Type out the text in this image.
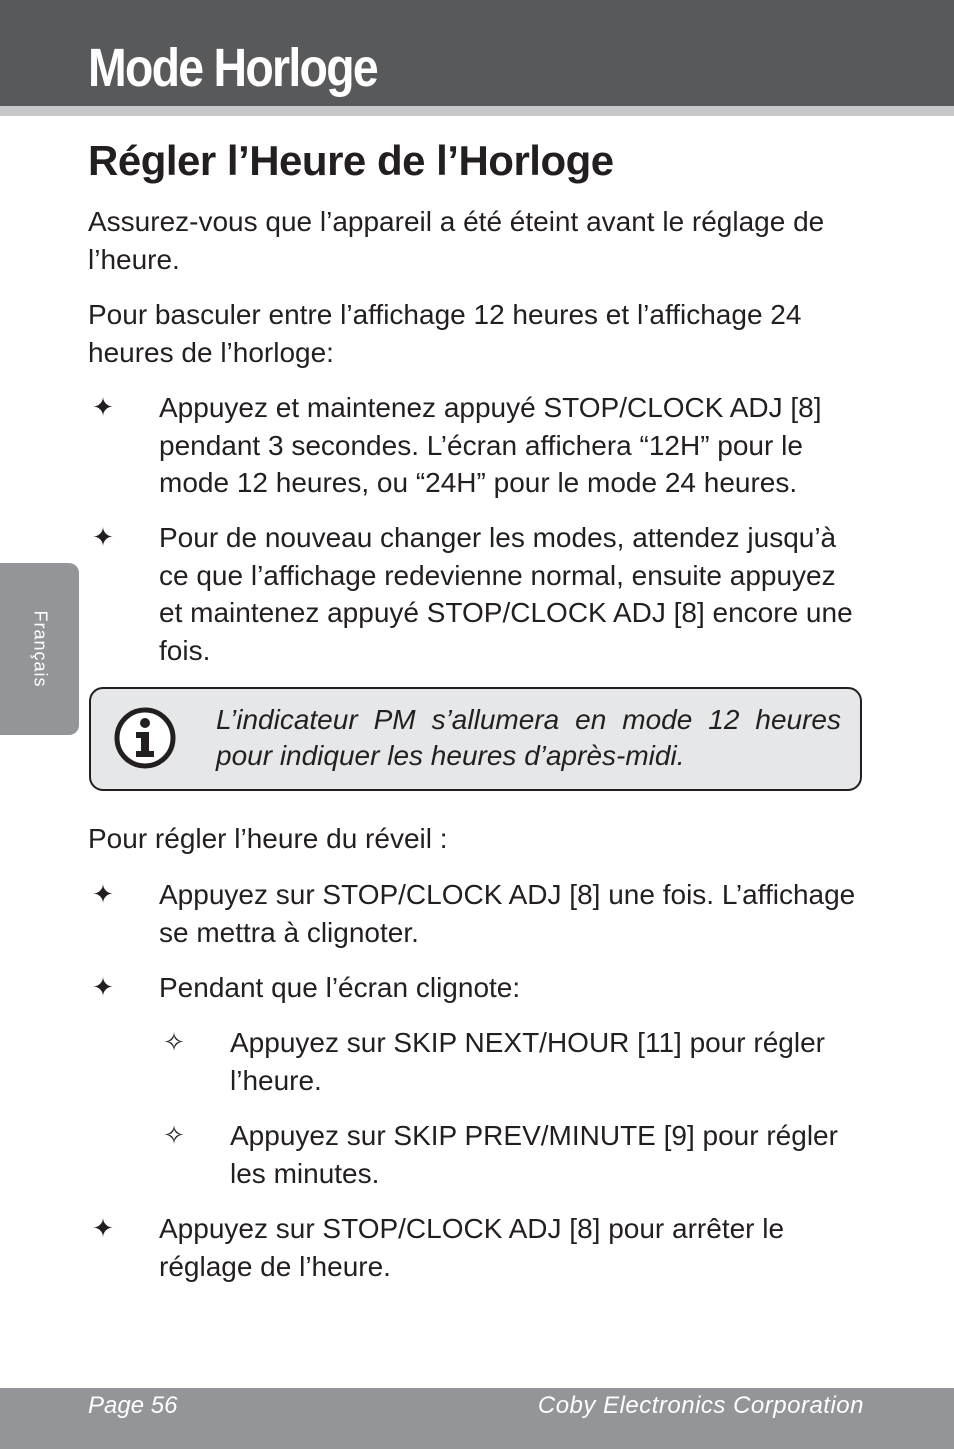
Mode Horloge
Français
Régler l’Heure de l’Horloge

Assurez-vous que l’appareil a été éteint avant le réglage de l’heure.

Pour basculer entre l’affichage 12 heures et l’affichage 24 heures de l’horloge:

✦ Appuyez et maintenez appuyé STOP/CLOCK ADJ [8] pendant 3 secondes. L’écran affichera “12H” pour le mode 12 heures, ou “24H” pour le mode 24 heures.
✦ Pour de nouveau changer les modes, attendez jusqu’à ce que l’affichage redevienne normal, ensuite appuyez et maintenez appuyé STOP/CLOCK ADJ [8] encore une fois.
L’indicateur PM s’allumera en mode 12 heures pour indiquer les heures d’après-midi.

Pour régler l’heure du réveil :

✦ Appuyez sur STOP/CLOCK ADJ [8] une fois. L’affichage se mettra à clignoter.
✦ Pendant que l’écran clignote:
✧ Appuyez sur SKIP NEXT/HOUR [11] pour régler l’heure.
✧ Appuyez sur SKIP PREV/MINUTE [9] pour régler les minutes.
✦ Appuyez sur STOP/CLOCK ADJ [8] pour arrêter le réglage de l’heure.
Page 56	Coby Electronics Corporation
